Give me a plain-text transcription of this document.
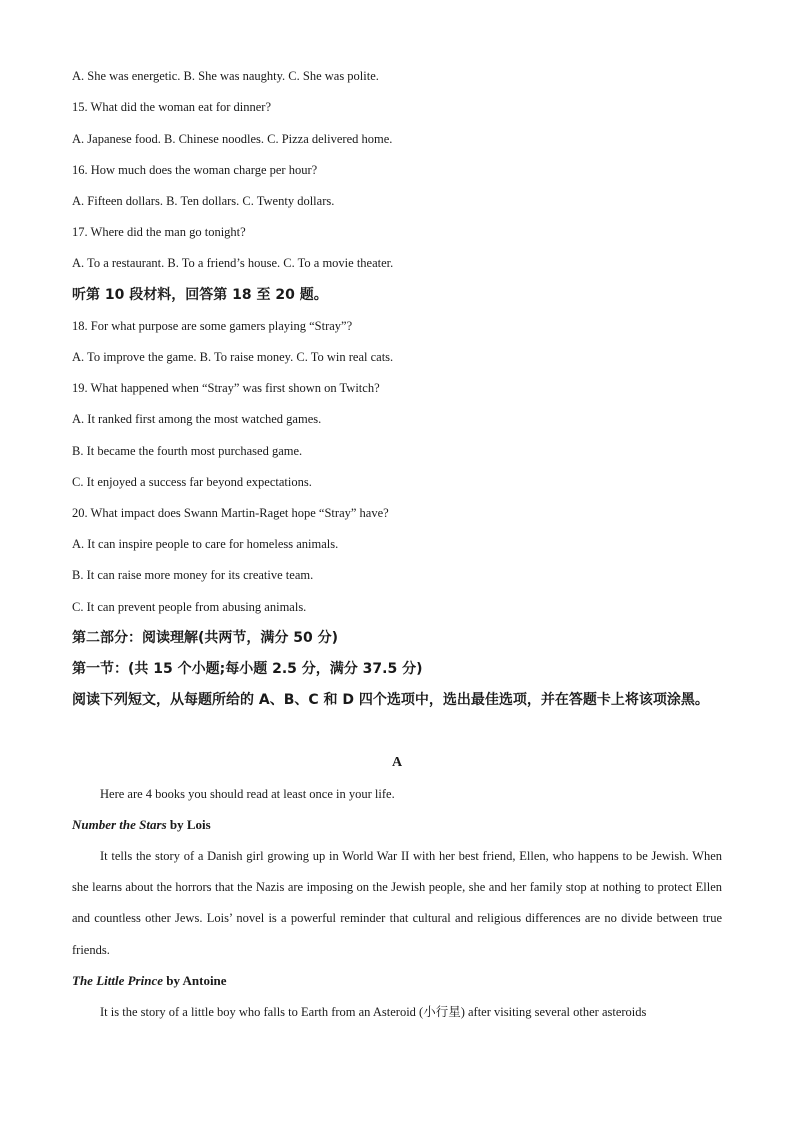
A. She was energetic. B. She was naughty. C. She was polite.
15. What did the woman eat for dinner?
A. Japanese food. B. Chinese noodles. C. Pizza delivered home.
16. How much does the woman charge per hour?
A. Fifteen dollars. B. Ten dollars. C. Twenty dollars.
17. Where did the man go tonight?
A. To a restaurant. B. To a friend’s house. C. To a movie theater.
听第 10 段材料，回答第 18 至 20 题。
18. For what purpose are some gamers playing “Stray”?
A. To improve the game. B. To raise money. C. To win real cats.
19. What happened when “Stray” was first shown on Twitch?
A. It ranked first among the most watched games.
B. It became the fourth most purchased game.
C. It enjoyed a success far beyond expectations.
20. What impact does Swann Martin-Raget hope “Stray” have?
A. It can inspire people to care for homeless animals.
B. It can raise more money for its creative team.
C. It can prevent people from abusing animals.
第二部分：阅读理解(共两节，满分 50 分)
第一节：(共 15 个小题;每小题 2.5 分，满分 37.5 分)
阅读下列短文，从每题所给的 A、B、C 和 D 四个选项中，选出最佳选项，并在答题卡上将该项涂黑。
A
Here are 4 books you should read at least once in your life.
Number the Stars by Lois
It tells the story of a Danish girl growing up in World War II with her best friend, Ellen, who happens to be Jewish. When she learns about the horrors that the Nazis are imposing on the Jewish people, she and her family stop at nothing to protect Ellen and countless other Jews. Lois’ novel is a powerful reminder that cultural and religious differences are no divide between true friends.
The Little Prince by Antoine
It is the story of a little boy who falls to Earth from an Asteroid (小行星) after visiting several other asteroids
